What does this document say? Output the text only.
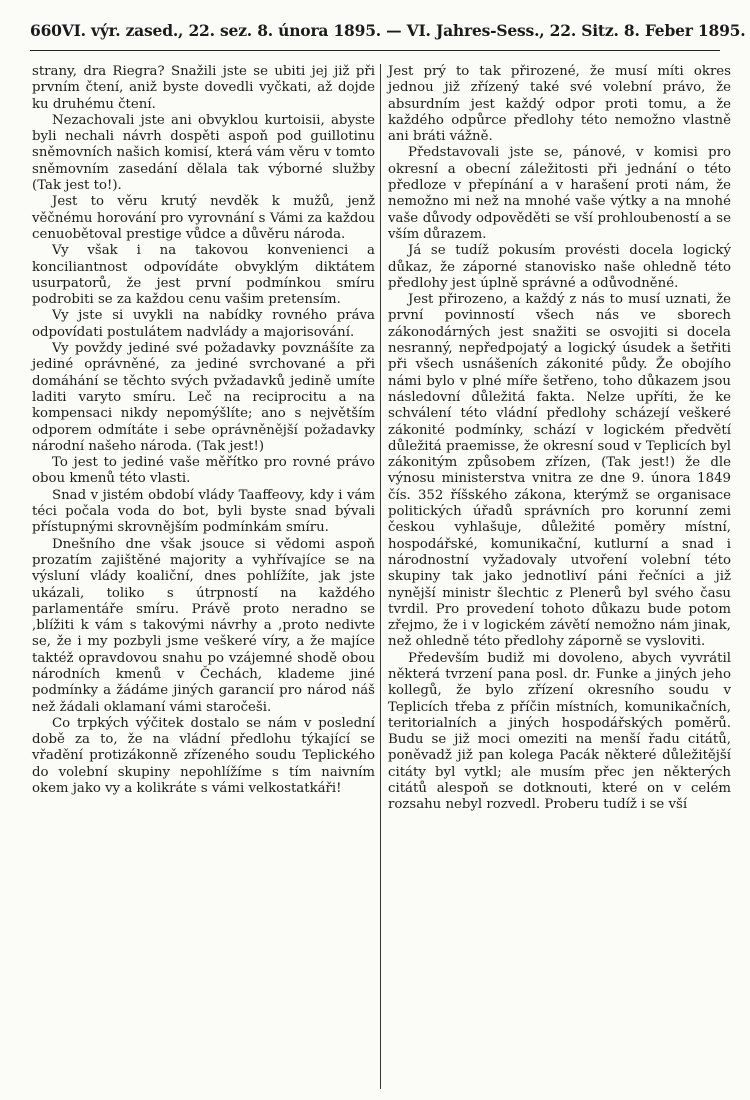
660 VI. výr. zased., 22. sez. 8. února 1895. — VI. Jahres-Sess., 22. Sitz. 8. Feber 1895.

strany, dra Riegra? Snažili jste se ubiti jej již při prvním čtení, aniž byste dovedli vyčkati, až dojde ku druhému čtení.

Nezachovali jste ani obvyklou kurtoisii, abyste byli nechali návrh dospěti aspoň pod guillotinu sněmovních našich komisí, která vám věru v tomto sněmovním zasedání dělala tak výborné služby (Tak jest to!).

Jest to věru krutý nevděk k mužů, jenž věčnému horování pro vyrovnání s Vámi za každou cenuobětoval prestige vůdce a důvěru národa.

Vy však i na takovou konvenienci a konciliantnost odpovídáte obvyklým diktátem usurpatorů, že jest první podmínkou smíru podrobiti se za každou cenu vašim pretensím.

Vy jste si uvykli na nabídky rovného práva odpovídati postulátem nadvlády a majorisování.

Vy povždy jediné své požadavky povznášíte za jediné oprávněné, za jediné svrchované a při domáhání se těchto svých pvžadavků jedině umíte laditi varyto smíru. Leč na reciprocitu a na kompensaci nikdy nepomýšlíte; ano s největším odporem odmítáte i sebe oprávněnější požadavky národní našeho národa. (Tak jest!)

To jest to jediné vaše měřítko pro rovné právo obou kmenů této vlasti.

Snad v jistém období vlády Taaffeovy, kdy i vám téci počala voda do bot, byli byste snad bývali přístupnými skrovnějším podmínkám smíru.

Dnešního dne však jsouce si vědomi aspoň prozatím zajištěné majority a vyhřívajíce se na výsluní vlády koaliční, dnes pohlížíte, jak jste ukázali, toliko s útrpností na každého parlamentáře smíru. Právě proto neradno se ,blížiti k vám s takovými návrhy a ,proto nedivte se, že i my pozbyli jsme veškeré víry, a že majíce taktéž opravdovou snahu po vzájemné shodě obou národních kmenů v Čechách, klademe jiné podmínky a žádáme jiných garancií pro národ náš než žádali oklamaní vámi staročeši.

Co trpkých výčitek dostalo se nám v poslední době za to, že na vládní předlohu týkající se vřadění protizákonně zřízeného soudu Teplického do volební skupiny nepohlížíme s tím naivním okem jako vy a kolikráte s vámi velkostatkáři!

Jest prý to tak přirozené, že musí míti okres jednou již zřízený také své volební právo, že absurdním jest každý odpor proti tomu, a že každého odpůrce předlohy této nemožno vlastně ani bráti vážně.

Představovali jste se, pánové, v komisi pro okresní a obecní záležitosti při jednání o této předloze v přepínání a v harašení proti nám, že nemožno mi než na mnohé vaše výtky a na mnohé vaše důvody odpověděti se vší prohloubeností a se vším důrazem.

Já se tudíž pokusím provésti docela logický důkaz, že záporné stanovisko naše ohledně této předlohy jest úplně správné a odůvodněné.

Jest přirozeno, a každý z nás to musí uznati, že první povinností všech nás ve sborech zákonodárných jest snažiti se osvojiti si docela nesranný, nepředpojatý a logický úsudek a šetřiti při všech usnášeních zákonité půdy. Že obojího námi bylo v plné míře šetřeno, toho důkazem jsou následovní důležitá fakta. Nelze upříti, že ke schválení této vládní předlohy scházejí veškeré zákonité podmínky, schází v logickém předvětí důležitá praemisse, že okresní soud v Teplicích byl zákonitým způsobem zřízen, (Tak jest!) že dle výnosu ministerstva vnitra ze dne 9. února 1849 čís. 352 říšského zákona, kterýmž se organisace politických úřadů správních pro korunní zemi českou vyhlašuje, důležité poměry místní, hospodářské, komunikační, kutlurní a snad i národnostní vyžadovaly utvoření volební této skupiny tak jako jednotliví páni řečníci a již nynější ministr šlechtic z Plenerů byl svého času tvrdil. Pro provedení tohoto důkazu bude potom zřejmo, že i v logickém závětí nemožno nám jinak, než ohledně této předlohy záporně se vysloviti.

Především budiž mi dovoleno, abych vyvrátil některá tvrzení pana posl. dr. Funke a jiných jeho kollegů, že bylo zřízení okresního soudu v Teplicích třeba z příčin místních, komunikačních, teritorialních a jiných hospodářských poměrů. Budu se již moci omeziti na menší řadu citátů, poněvadž již pan kolega Pacák některé důležitější citáty byl vytkl; ale musím přec jen některých citátů alespoň se dotknouti, které on v celém rozsahu nebyl rozvedl. Proberu tudíž i se vší
